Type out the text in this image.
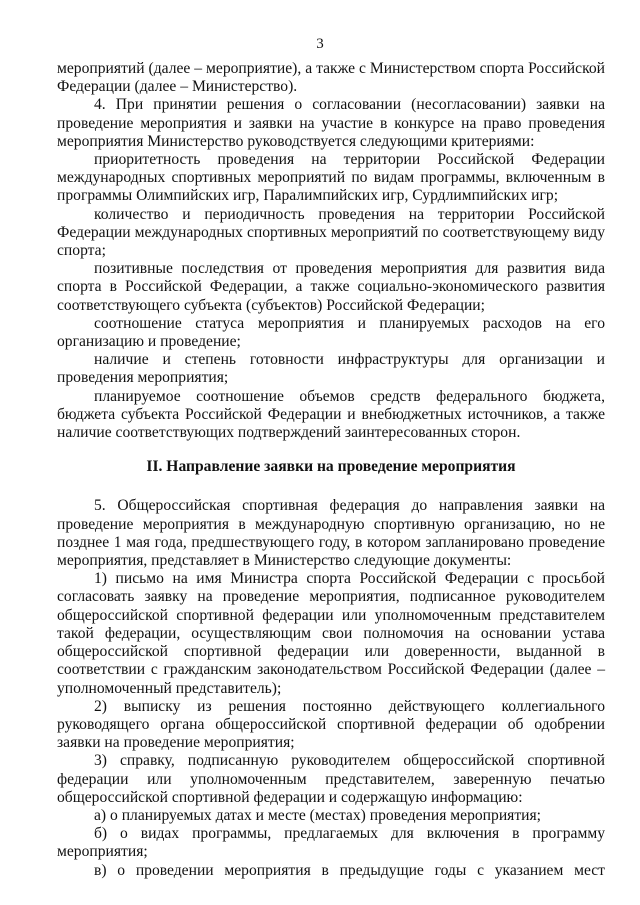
3

мероприятий (далее – мероприятие), а также с Министерством спорта Российской Федерации (далее – Министерство).

4. При принятии решения о согласовании (несогласовании) заявки на проведение мероприятия и заявки на участие в конкурсе на право проведения мероприятия Министерство руководствуется следующими критериями:

приоритетность проведения на территории Российской Федерации международных спортивных мероприятий по видам программы, включенным в программы Олимпийских игр, Паралимпийских игр, Сурдлимпийских игр;

количество и периодичность проведения на территории Российской Федерации международных спортивных мероприятий по соответствующему виду спорта;

позитивные последствия от проведения мероприятия для развития вида спорта в Российской Федерации, а также социально-экономического развития соответствующего субъекта (субъектов) Российской Федерации;

соотношение статуса мероприятия и планируемых расходов на его организацию и проведение;

наличие и степень готовности инфраструктуры для организации и проведения мероприятия;

планируемое соотношение объемов средств федерального бюджета, бюджета субъекта Российской Федерации и внебюджетных источников, а также наличие соответствующих подтверждений заинтересованных сторон.

II. Направление заявки на проведение мероприятия

5. Общероссийская спортивная федерация до направления заявки на проведение мероприятия в международную спортивную организацию, но не позднее 1 мая года, предшествующего году, в котором запланировано проведение мероприятия, представляет в Министерство следующие документы:

1) письмо на имя Министра спорта Российской Федерации с просьбой согласовать заявку на проведение мероприятия, подписанное руководителем общероссийской спортивной федерации или уполномоченным представителем такой федерации, осуществляющим свои полномочия на основании устава общероссийской спортивной федерации или доверенности, выданной в соответствии с гражданским законодательством Российской Федерации (далее – уполномоченный представитель);

2) выписку из решения постоянно действующего коллегиального руководящего органа общероссийской спортивной федерации об одобрении заявки на проведение мероприятия;

3) справку, подписанную руководителем общероссийской спортивной федерации или уполномоченным представителем, заверенную печатью общероссийской спортивной федерации и содержащую информацию:

а) о планируемых датах и месте (местах) проведения мероприятия;

б) о видах программы, предлагаемых для включения в программу мероприятия;

в) о проведении мероприятия в предыдущие годы с указанием мест
